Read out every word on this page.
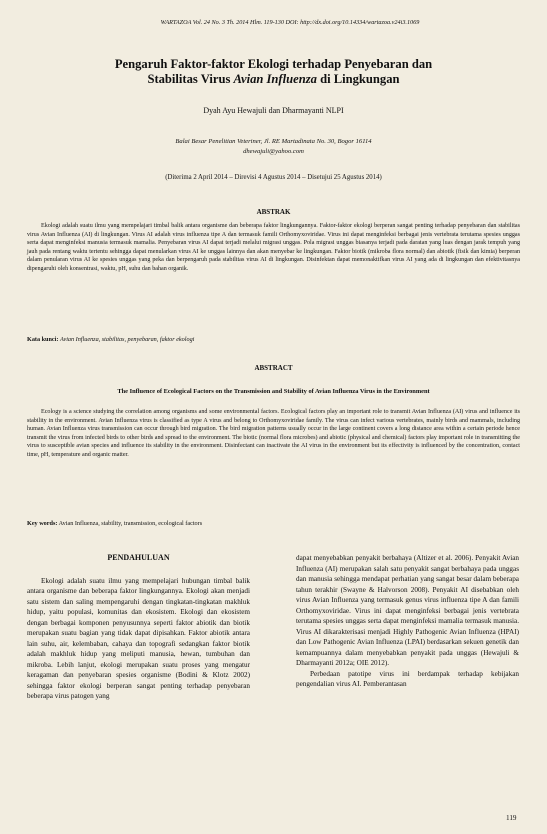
WARTAZOA Vol. 24 No. 3 Th. 2014 Hlm. 119-130 DOI: http://dx.doi.org/10.14334/wartazoa.v24i3.1069
Pengaruh Faktor-faktor Ekologi terhadap Penyebaran dan
Stabilitas Virus Avian Influenza di Lingkungan
Dyah Ayu Hewajuli dan Dharmayanti NLPI
Balai Besar Penelitian Veteriner, Jl. RE Martadinata No. 30, Bogor 16114
dhewajuli@yahoo.com
(Diterima 2 April 2014 – Direvisi 4 Agustus 2014 – Disetujui 25 Agustus 2014)
ABSTRAK
Ekologi adalah suatu ilmu yang mempelajari timbal balik antara organisme dan beberapa faktor lingkungannya. Faktor-faktor ekologi berperan sangat penting terhadap penyebaran dan stabilitas virus Avian Influenza (AI) di lingkungan. Virus AI adalah virus influenza tipe A dan termasuk famili Orthomyxoviridae. Virus ini dapat menginfeksi berbagai jenis vertebrata terutama spesies unggas serta dapat menginfeksi manusia termasuk mamalia. Penyebaran virus AI dapat terjadi melalui migrasi unggas. Pola migrasi unggas biasanya terjadi pada daratan yang luas dengan jarak tempuh yang jauh pada rentang waktu tertentu sehingga dapat menularkan virus AI ke unggas lainnya dan akan menyebar ke lingkungan. Faktor biotik (mikroba flora normal) dan abiotik (fisik dan kimia) berperan dalam penularan virus AI ke spesies unggas yang peka dan berpengaruh pada stabilitas virus AI di lingkungan. Disinfektan dapat memonaktifkan virus AI yang ada di lingkungan dan efektivitasnya dipengaruhi oleh konsentrasi, waktu, pH, suhu dan bahan organik.
Kata kunci: Avian Influenza, stabilitas, penyebaran, faktor ekologi
ABSTRACT
The Influence of Ecological Factors on the Transmission and Stability of Avian Influenza Virus in the Environment
Ecology is a science studying the correlation among organisms and some environmental factors. Ecological factors play an important role to transmit Avian Influenza (AI) virus and influence its stability in the environment. Avian Influenza virus is classified as type A virus and belong to Orthomyxoviridae family. The virus can infect various vertebrates, mainly birds and mammals, including human. Avian Influenza virus transmission can occur through bird migration. The bird migration patterns usually occur in the large continent covers a long distance area within a certain periode hence transmit the virus from infected birds to other birds and spread to the environment. The biotic (normal flora microbes) and abiotic (physical and chemical) factors play important role in transmitting the virus to susceptible avian species and influence its stability in the environment. Disinfectant can inactivate the AI virus in the environment but its effectivity is influenced by the concentration, contact time, pH, temperature and organic matter.
Key words: Avian Influenza, stability, transmission, ecological factors
PENDAHULUAN

Ekologi adalah suatu ilmu yang mempelajari hubungan timbal balik antara organisme dan beberapa faktor lingkungannya. Ekologi akan menjadi satu sistem dan saling mempengaruhi dengan tingkatan-tingkatan makhluk hidup, yaitu populasi, komunitas dan ekosistem. Ekologi dan ekosistem dengan berbagai komponen penyusunnya seperti faktor abiotik dan biotik merupakan suatu bagian yang tidak dapat dipisahkan. Faktor abiotik antara lain suhu, air, kelembaban, cahaya dan topografi sedangkan faktor biotik adalah makhluk hidup yang meliputi manusia, hewan, tumbuhan dan mikroba. Lebih lanjut, ekologi merupakan suatu proses yang mengatur keragaman dan penyebaran spesies organisme (Bodini & Klotz 2002) sehingga faktor ekologi berperan sangat penting terhadap penyebaran beberapa virus patogen yang

dapat menyebabkan penyakit berbahaya (Altizer et al. 2006). Penyakit Avian Influenza (AI) merupakan salah satu penyakit sangat berbahaya pada unggas dan manusia sehingga mendapat perhatian yang sangat besar dalam beberapa tahun terakhir (Swayne & Halvorson 2008). Penyakit AI disebabkan oleh virus Avian Influenza yang termasuk genus virus influenza tipe A dan famili Orthomyxoviridae. Virus ini dapat menginfeksi berbagai jenis vertebrata terutama spesies unggas serta dapat menginfeksi mamalia termasuk manusia. Virus AI dikarakterisasi menjadi Highly Pathogenic Avian Influenza (HPAI) dan Low Pathogenic Avian Influenza (LPAI) berdasarkan sekuen genetik dan kemampuannya dalam menyebabkan penyakit pada unggas (Hewajuli & Dharmayanti 2012a; OIE 2012).

Perbedaan patotipe virus ini berdampak terhadap kebijakan pengendalian virus AI. Pemberantasan

119
